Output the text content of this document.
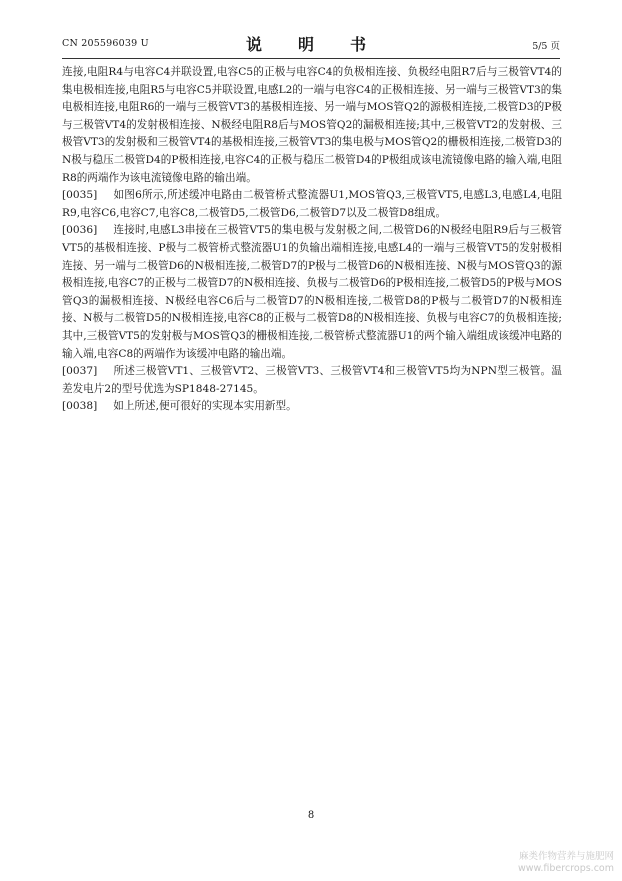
CN 205596039 U	说　明　书	5/5 页

连接,电阻R4与电容C4并联设置,电容C5的正极与电容C4的负极相连接、负极经电阻R7后与三极管VT4的集电极相连接,电阻R5与电容C5并联设置,电感L2的一端与电容C4的正极相连接、另一端与三极管VT3的集电极相连接,电阻R6的一端与三极管VT3的基极相连接、另一端与MOS管Q2的源极相连接,二极管D3的P极与三极管VT4的发射极相连接、N极经电阻R8后与MOS管Q2的漏极相连接;其中,三极管VT2的发射极、三极管VT3的发射极和三极管VT4的基极相连接,三极管VT3的集电极与MOS管Q2的栅极相连接,二极管D3的N极与稳压二极管D4的P极相连接,电容C4的正极与稳压二极管D4的P极组成该电流镜像电路的输入端,电阻R8的两端作为该电流镜像电路的输出端。

[0035] 如图6所示,所述缓冲电路由二极管桥式整流器U1,MOS管Q3,三极管VT5,电感L3,电感L4,电阻R9,电容C6,电容C7,电容C8,二极管D5,二极管D6,二极管D7以及二极管D8组成。

[0036] 连接时,电感L3串接在三极管VT5的集电极与发射极之间,二极管D6的N极经电阻R9后与三极管VT5的基极相连接、P极与二极管桥式整流器U1的负输出端相连接,电感L4的一端与三极管VT5的发射极相连接、另一端与二极管D6的N极相连接,二极管D7的P极与二极管D6的N极相连接、N极与MOS管Q3的源极相连接,电容C7的正极与二极管D7的N极相连接、负极与二极管D6的P极相连接,二极管D5的P极与MOS管Q3的漏极相连接、N极经电容C6后与二极管D7的N极相连接,二极管D8的P极与二极管D7的N极相连接、N极与二极管D5的N极相连接,电容C8的正极与二极管D8的N极相连接、负极与电容C7的负极相连接;其中,三极管VT5的发射极与MOS管Q3的栅极相连接,二极管桥式整流器U1的两个输入端组成该缓冲电路的输入端,电容C8的两端作为该缓冲电路的输出端。

[0037] 所述三极管VT1、三极管VT2、三极管VT3、三极管VT4和三极管VT5均为NPN型三极管。温差发电片2的型号优选为SP1848-27145。

[0038] 如上所述,便可很好的实现本实用新型。

8
麻类作物营养与施肥网
www.fibercrops.com
